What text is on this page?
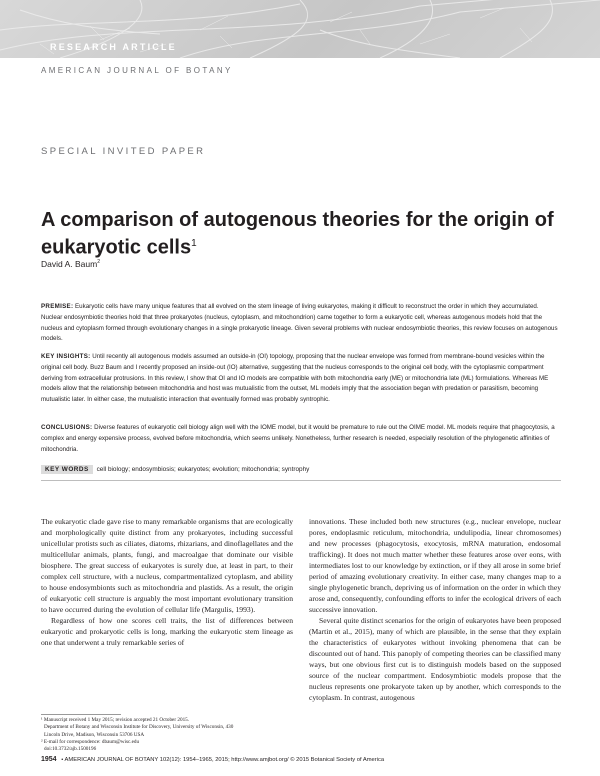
RESEARCH ARTICLE
AMERICAN JOURNAL OF BOTANY
SPECIAL INVITED PAPER
A comparison of autogenous theories for the origin of eukaryotic cells$^1$
David A. Baum$^2$
PREMISE: Eukaryotic cells have many unique features that all evolved on the stem lineage of living eukaryotes, making it difficult to reconstruct the order in which they accumulated. Nuclear endosymbiotic theories hold that three prokaryotes (nucleus, cytoplasm, and mitochondrion) came together to form a eukaryotic cell, whereas autogenous models hold that the nucleus and cytoplasm formed through evolutionary changes in a single prokaryotic lineage. Given several problems with nuclear endosymbiotic theories, this review focuses on autogenous models.
KEY INSIGHTS: Until recently all autogenous models assumed an outside-in (OI) topology, proposing that the nuclear envelope was formed from membrane-bound vesicles within the original cell body. Buzz Baum and I recently proposed an inside-out (IO) alternative, suggesting that the nucleus corresponds to the original cell body, with the cytoplasmic compartment deriving from extracellular protrusions. In this review, I show that OI and IO models are compatible with both mitochondria early (ME) or mitochondria late (ML) formulations. Whereas ME models allow that the relationship between mitochondria and host was mutualistic from the outset, ML models imply that the association began with predation or parasitism, becoming mutualistic later. In either case, the mutualistic interaction that eventually formed was probably syntrophic.
CONCLUSIONS: Diverse features of eukaryotic cell biology align well with the IOME model, but it would be premature to rule out the OIME model. ML models require that phagocytosis, a complex and energy expensive process, evolved before mitochondria, which seems unlikely. Nonetheless, further research is needed, especially resolution of the phylogenetic affinities of mitochondria.
KEY WORDS cell biology; endosymbiosis; eukaryotes; evolution; mitochondria; syntrophy

The eukaryotic clade gave rise to many remarkable organisms that are ecologically and morphologically quite distinct from any prokaryotes, including successful unicellular protists such as ciliates, diatoms, rhizarians, and dinoflagellates and the multicellular animals, plants, fungi, and macroalgae that dominate our visible biosphere. The great success of eukaryotes is surely due, at least in part, to their complex cell structure, with a nucleus, compartmentalized cytoplasm, and ability to house endosymbionts such as mitochondria and plastids. As a result, the origin of eukaryotic cell structure is arguably the most important evolutionary transition to have occurred during the evolution of cellular life (Margulis, 1993).

Regardless of how one scores cell traits, the list of differences between eukaryotic and prokaryotic cells is long, marking the eukaryotic stem lineage as one that underwent a truly remarkable series of

innovations. These included both new structures (e.g., nuclear envelope, nuclear pores, endoplasmic reticulum, mitochondria, undulipodia, linear chromosomes) and new processes (phagocytosis, exocytosis, mRNA maturation, endosomal trafficking). It does not much matter whether these features arose over eons, with intermediates lost to our knowledge by extinction, or if they all arose in some brief period of amazing evolutionary creativity. In either case, many changes map to a single phylogenetic branch, depriving us of information on the order in which they arose and, consequently, confounding efforts to infer the ecological drivers of each successive innovation.

Several quite distinct scenarios for the origin of eukaryotes have been proposed (Martin et al., 2015), many of which are plausible, in the sense that they explain the characteristics of eukaryotes without invoking phenomena that can be discounted out of hand. This panoply of competing theories can be classified many ways, but one obvious first cut is to distinguish models based on the supposed source of the nuclear compartment. Endosymbiotic models propose that the nucleus represents one prokaryote taken up by another, which corresponds to the cytoplasm. In contrast, autogenous

¹ Manuscript received 1 May 2015; revision accepted 21 October 2015.
Department of Botany and Wisconsin Institute for Discovery, University of Wisconsin, 430
Lincoln Drive, Madison, Wisconsin 53706 USA
² E-mail for correspondence: dbaum@wisc.edu
doi:10.3732/ajb.1500196
1954 • AMERICAN JOURNAL OF BOTANY 102(12): 1954–1965, 2015; http://www.amjbot.org/ © 2015 Botanical Society of America
